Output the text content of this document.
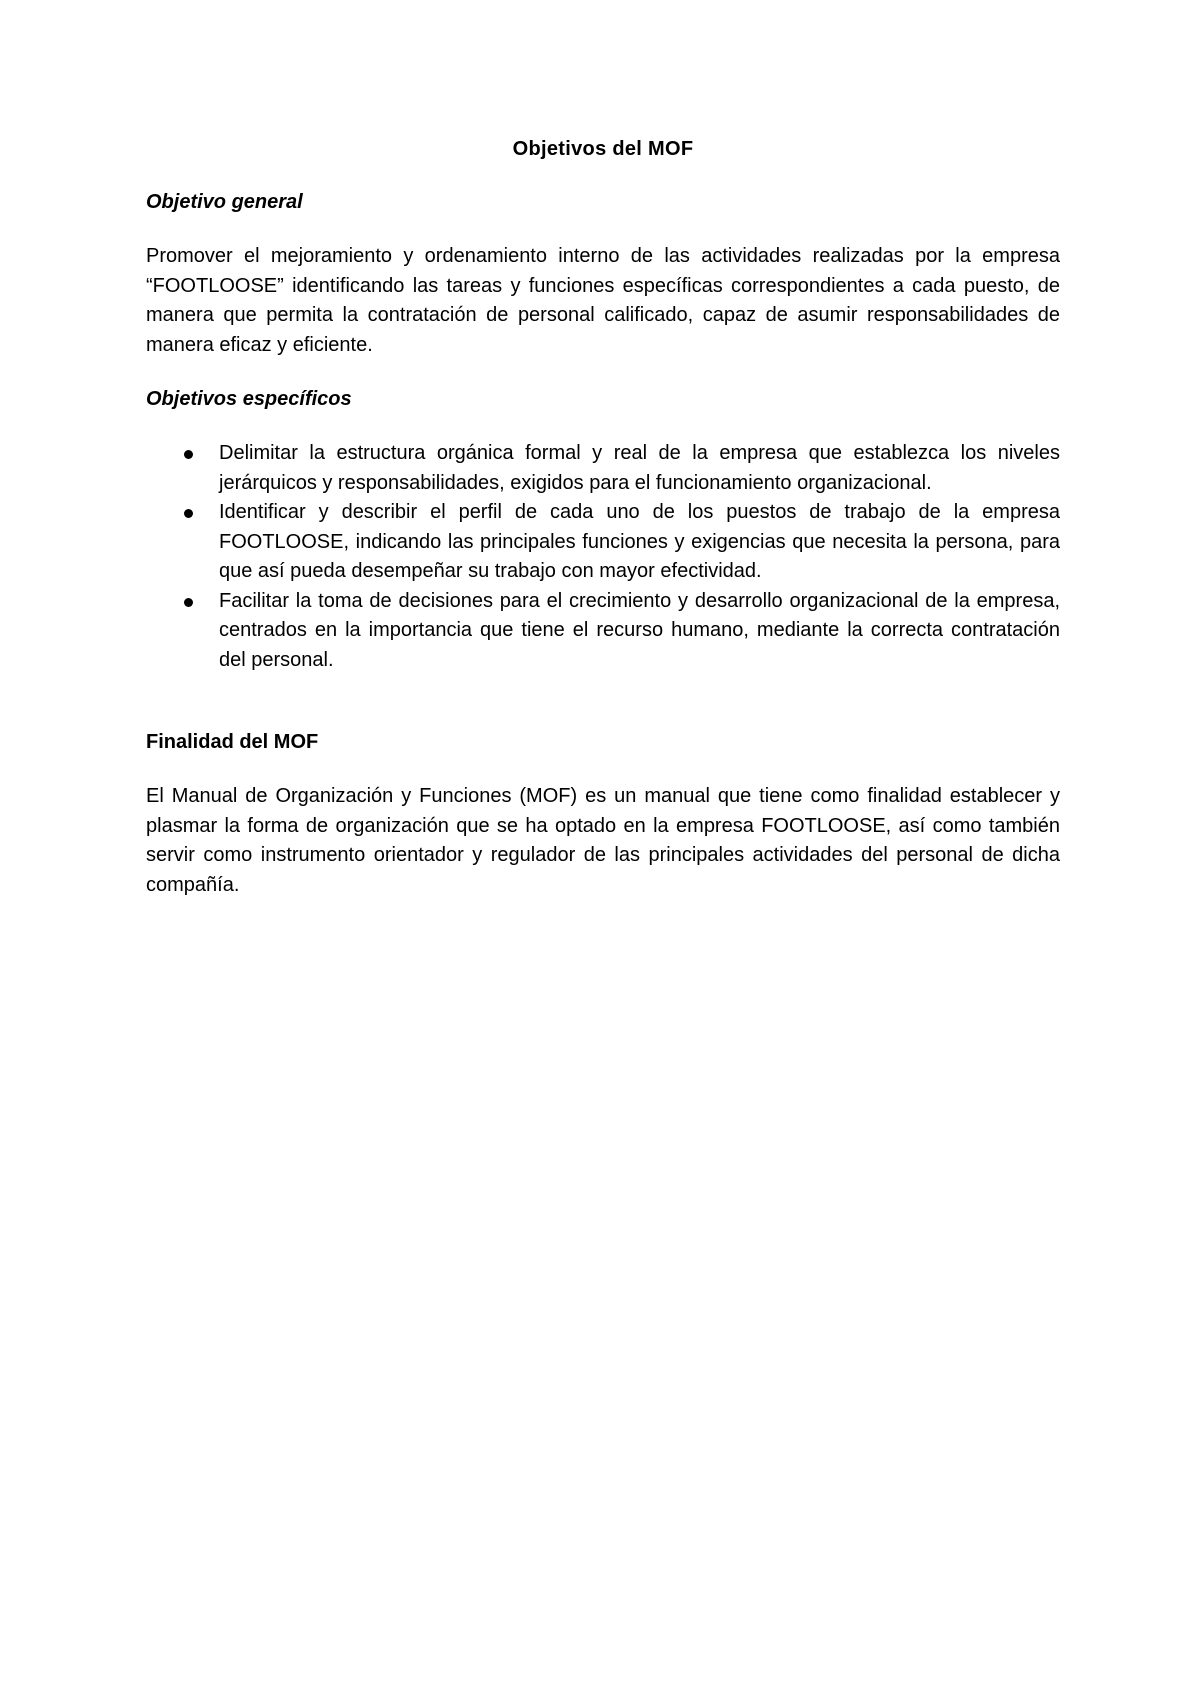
Objetivos del MOF
Objetivo general

Promover el mejoramiento y ordenamiento interno de las actividades realizadas por la empresa “FOOTLOOSE” identificando las tareas y funciones específicas correspondientes a cada puesto, de manera que permita la contratación de personal calificado, capaz de asumir responsabilidades de manera eficaz y eficiente.

Objetivos específicos
Delimitar la estructura orgánica formal y real de la empresa que establezca los niveles jerárquicos y responsabilidades, exigidos para el funcionamiento organizacional.
Identificar y describir el perfil de cada uno de los puestos de trabajo de la empresa FOOTLOOSE, indicando las principales funciones y exigencias que necesita la persona, para que así pueda desempeñar su trabajo con mayor efectividad.
Facilitar la toma de decisiones para el crecimiento y desarrollo organizacional de la empresa, centrados en la importancia que tiene el recurso humano, mediante la correcta contratación del personal.
Finalidad del MOF

El Manual de Organización y Funciones (MOF) es un manual que tiene como finalidad establecer y plasmar la forma de organización que se ha optado en la empresa FOOTLOOSE, así como también servir como instrumento orientador y regulador de las principales actividades del personal de dicha compañía.
